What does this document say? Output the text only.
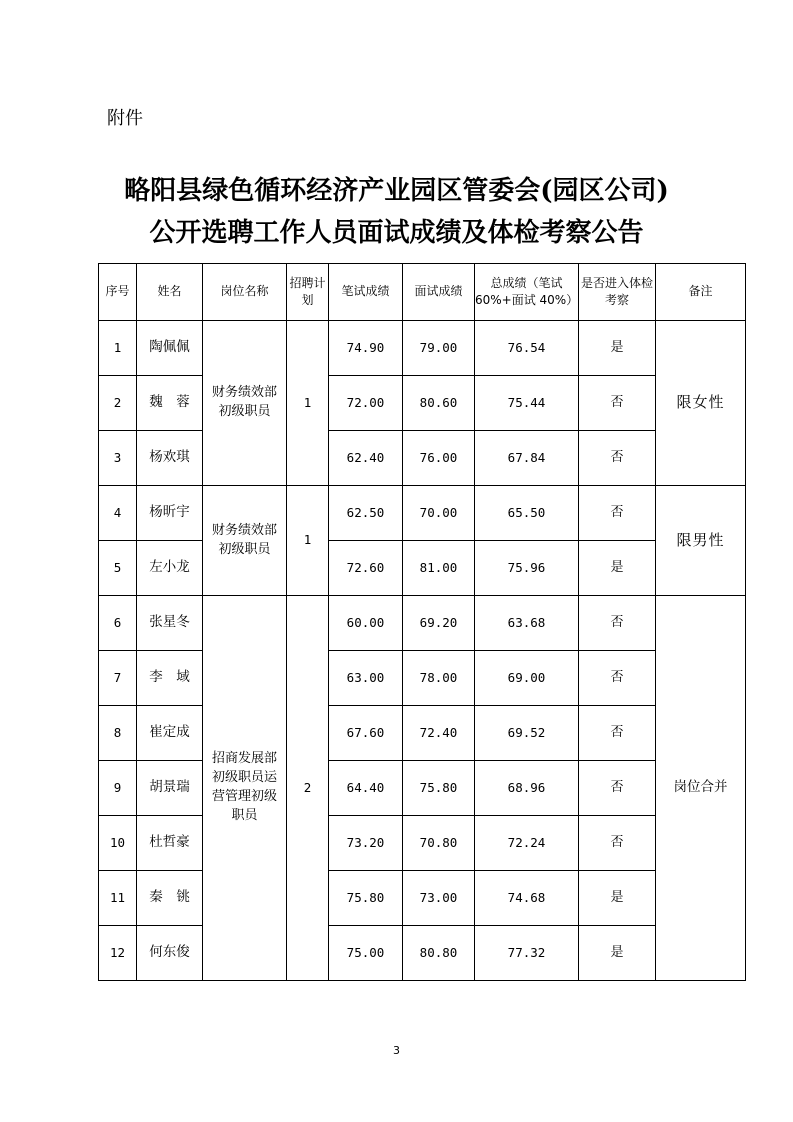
附件
略阳县绿色循环经济产业园区管委会(园区公司)
公开选聘工作人员面试成绩及体检考察公告
序号	姓名	岗位名称	招聘计划	笔试成绩	面试成绩	总成绩（笔试60%+面试 40%）	是否进入体检考察	备注
1	陶佩佩	财务绩效部初级职员	1	74.90	79.00	76.54	是	限女性
2	魏　蓉			72.00	80.60	75.44	否	
3	杨欢琪			62.40	76.00	67.84	否	
4	杨昕宇	财务绩效部初级职员	1	62.50	70.00	65.50	否	限男性
5	左小龙			72.60	81.00	75.96	是	
6	张星冬	招商发展部初级职员运营管理初级职员	2	60.00	69.20	63.68	否	岗位合并
7	李　域			63.00	78.00	69.00	否	
8	崔定成			67.60	72.40	69.52	否	
9	胡景瑞			64.40	75.80	68.96	否	
10	杜哲豪			73.20	70.80	72.24	否	
11	秦　铫			75.80	73.00	74.68	是	
12	何东俊			75.00	80.80	77.32	是	
3
